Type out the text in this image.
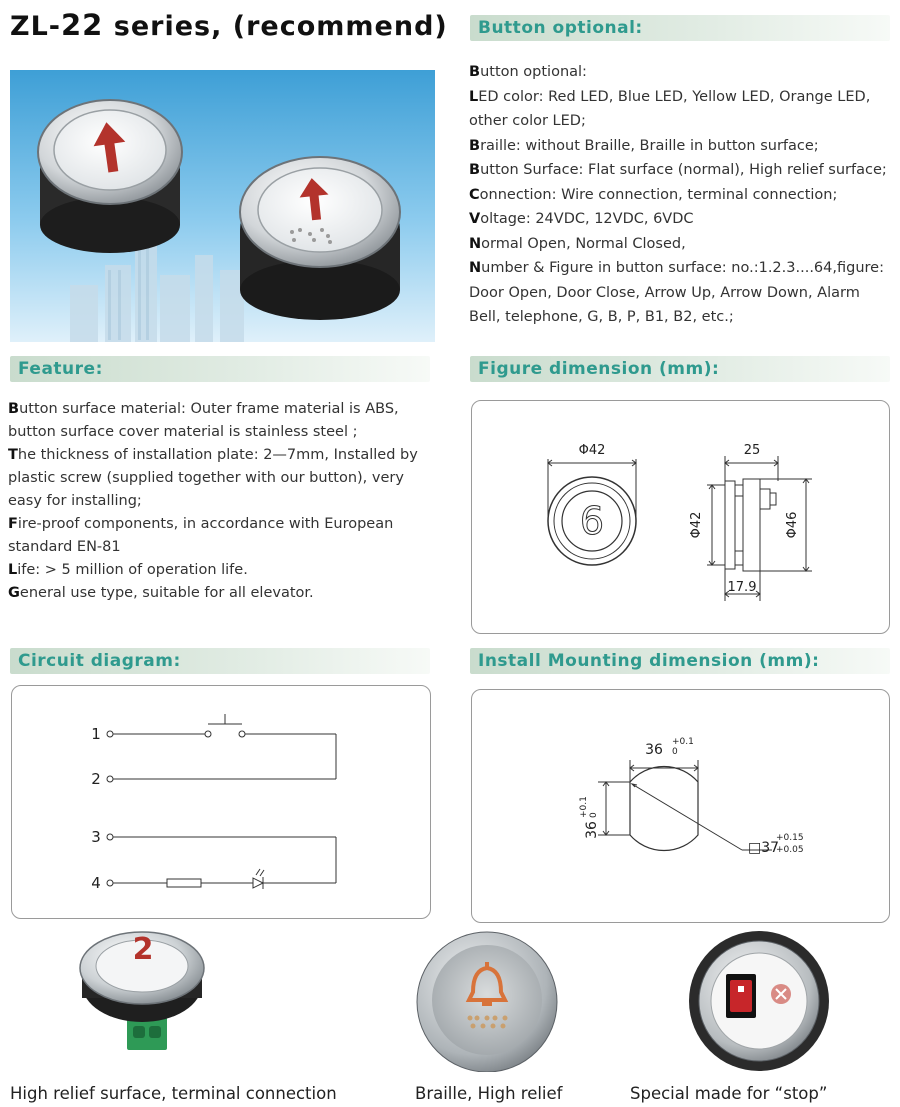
ZL-22 series, (recommend)	Button optional:

Button optional:

LED color: Red LED, Blue LED, Yellow LED, Orange LED,

other color LED;

Braille: without Braille, Braille in button surface;

Button Surface: Flat surface (normal), High relief surface;

Connection: Wire connection, terminal connection;

Voltage: 24VDC, 12VDC, 6VDC

Normal Open, Normal Closed,

Number & Figure in button surface: no.:1.2.3....64,figure:

Door Open, Door Close, Arrow Up, Arrow Down, Alarm

Bell, telephone, G, B, P, B1, B2, etc.;

Feature:	Figure dimension (mm):

Button surface material: Outer frame material is ABS,

button surface cover material is stainless steel ;

The thickness of installation plate: 2—7mm, Installed by

plastic screw (supplied together with our button), very

easy for installing;

Fire-proof components, in accordance with European

standard EN-81

Life: > 5 million of operation life.

General use type, suitable for all elevator.

Φ42
6
25
Φ42	Φ46
17.9
Circuit diagram:	Install Mounting dimension (mm):
1
2
3
4
36 +0.1
0
36
+0.1 0
□37
+0.15
+0.05
2
High relief surface, terminal connection	Braille, High relief	Special made for “stop”
